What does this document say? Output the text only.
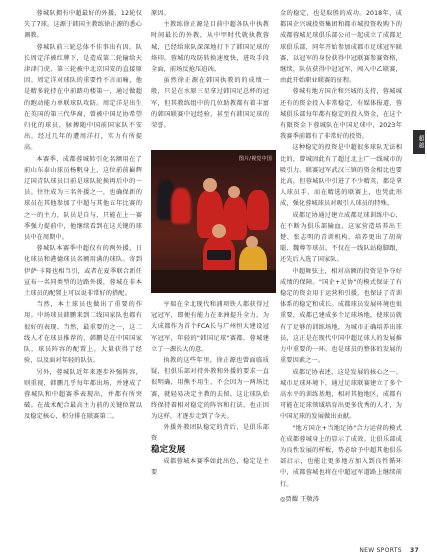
蓉城队拥有中超最好的外援，12轮仅失了7球。这源于韩国主教练徐正源的悉心调教。

蓉城队前三轮总体不佳事出有因。队长周定洋被红牌下，是造成第二轮输给天津津门虎、第三轮被中北京国安的直接原因。周定洋对球队的重要性不言而喻，他是精多轮持在中前踏功楼第一，通过做超的跑动能力单联球队攻防。周定洋是出生在英国的第三代华裔，曾被中国足协希望归化的球员，脉搏随中国前国家队不安出，经过几年的遭周洋打，实力有所提高。

本赛季，成都蓉城转引化名额用在了前山东泰山球员杨帆身上，这位前前巅辉辽国青队球员目前是球队轮换再后中的一员。往往成为三名外援之一，也确保新的球员在其他参加了中超与其他五年比赛的之一的主力，队员是自与，只能在上一赛季强力提前中，他继续看到在这关键的球员中在周期中。

蓉城队本赛季中超仅有的两外援，日化球员和港德球员名额用满的球队。寄到伊萨·卡隆也相当引，或者在夏季联合新任宣布一名同类型的边路外援，蓉城在非本土球员的配置上可以说非常好的搭配。

当然，本土球员也做出了重要的作用。中场球员韩鹏来到二线国家队也都有很好的表现。当然，最重要的之一，这二线人才在球员推荐的，韩鹏是在中国国家队，球员阵容的配置上，大量获得了经验，以及面对年轻的队伍。

另外，蓉城队近年来逐步补强阵容，则重视，韩鹏几乎每年都出场，并建成了蓉城队和中超赛季表现出，并都有所突破。在战术配合最高主力前的关键位置以及稳定核心，积分排在联赛第二。

原因。

主教练徐正源是目前中超各队中执教时间最长的外教，从中甲时代就执教蓉城，已经给球队深深地打下了韩国足球的烙印。蓉城的攻防转换速度快，进攻手段全面，前场反抢压迫凶。

虽然徐正源在韩国执教的的成绩一般，只是在水原三星拿过韩国足总杯的冠军，但其教练组中的几位助教都有着丰富的韩国联赛中冠经验，甚至有韩国足球的荣誉。

图片/视觉中国

亨瑞在全北现代和浦项铁人都获得过冠冠军，即便有能力在亚洲提升全力，为大成都作为首个FCA长与广州恒大建设冠军冠军，年轻的"韩国足球"赛都，蓉城建立了一源长大的意。

执教的这些年里，徐正源也曾面临质疑，但俱乐部对持外教和外援的要求一直很明确，用熊不用生，不会因为一两场比赛，就轻易决定主教的去留。这让球队始终保持着相对稳定的阵容和打法，也正因为这样，才逐步走到了今天。

外援外教团队稳定的背后，是俱乐部资

稳定发展

成都蓉城本赛季如此出色，稳定是主要

金的稳定，也是取胜的成功。2018年，成都国企兴城投资集团和都市城投资收购下的成都蓉城足球俱乐部公司一起成立了成都足球俱乐部，同年开始参加成都市足球冠军联赛，以冠军的身份获得中冠联赛参赛资格，继续，队伍获得中冠冠军，闯入中乙联赛，由此开始职业联赛的征程。

蓉城有地方国企和兴城的支持，蓉城城还有的资金投入非常稳定，有媒体报道，蓉城俱乐部每年都有稳定的投入资金，在这个有限资金下蓉城队在中国足球中，2023年我赛季前都有了非常好的投资。

这种稳定的投资是中超很多球队无法相比的，曾城因此有了超过北上广一线城市的吸引力。联赛冠军武汉三镇的资金相比也要比高，但蓉城队中引进了不少精英，都是拿人球员手，而在精选的联赛上，也凭此形成，强化蓉城球员对吸引人球员的特殊。

成都足协通过建立成都足球训练中心，在不断为俱乐部输血，这家营造培养出王楚、张志明的青训机构，培养更出了胡荷聪、魏尊等球员。不仅在一线队站稳脚跟，还先后入选了国家队。

中超舞弦上，相对高额的投资是争夺好成绩的保障。"国企+足协"的模式保证了有稳定的资金用于运营和引援，也保证了青训体系的稳定和成长。成都球员发展环境也很重要，成都已建成多个足球场地，使球员就有了足够的训练场地，为城市正确培养出球员，这正是在现代中国中超足球人的发展推力中重要的一环，也是球员的整体的发展的重要因素之一。

成都足协表述，这是发展的核心之一。城市足球环境下，通过足球联赛建立了多个高水平的训练基地，相对其他地区，成都有可能在足球领域培育出更多优秀的人才，为中国足球的发展做出贡献。

"地方国企+当地足协"合力运营的模式在成都蓉城身上的显示了成效。让俱乐部成为良性发展的样板，势必给予中超其他俱乐部启示，也能让更多地方加入到良性循环中，成都蓉城也将在中超冠军道路上继续前行。

◎贾耀 王敬涛

超越
NEW SPORTS 37
